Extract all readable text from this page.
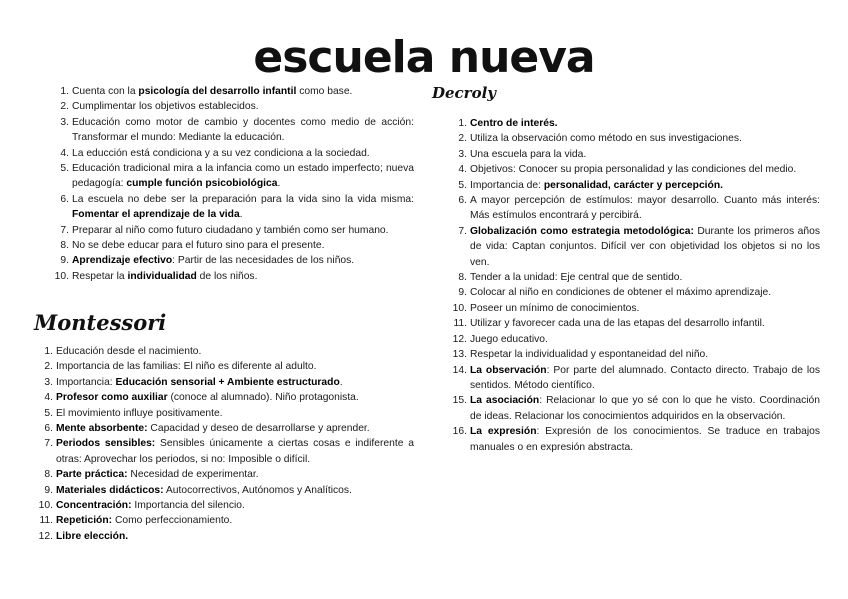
escuela nueva
1. Cuenta con la psicología del desarrollo infantil como base.
2. Cumplimentar los objetivos establecidos.
3. Educación como motor de cambio y docentes como medio de acción: Transformar el mundo: Mediante la educación.
4. La educción está condiciona y a su vez condiciona a la sociedad.
5. Educación tradicional mira a la infancia como un estado imperfecto; nueva pedagogía: cumple función psicobiológica.
6. La escuela no debe ser la preparación para la vida sino la vida misma: Fomentar el aprendizaje de la vida.
7. Preparar al niño como futuro ciudadano y también como ser humano.
8. No se debe educar para el futuro sino para el presente.
9. Aprendizaje efectivo: Partir de las necesidades de los niños.
10. Respetar la individualidad de los niños.
Montessori
1. Educación desde el nacimiento.
2. Importancia de las familias: El niño es diferente al adulto.
3. Importancia: Educación sensorial + Ambiente estructurado.
4. Profesor como auxiliar (conoce al alumnado). Niño protagonista.
5. El movimiento influye positivamente.
6. Mente absorbente: Capacidad y deseo de desarrollarse y aprender.
7. Periodos sensibles: Sensibles únicamente a ciertas cosas e indiferente a otras: Aprovechar los periodos, si no: Imposible o difícil.
8. Parte práctica: Necesidad de experimentar.
9. Materiales didácticos: Autocorrectivos, Autónomos y Analíticos.
10. Concentración: Importancia del silencio.
11. Repetición: Como perfeccionamiento.
12. Libre elección.
Decroly
1. Centro de interés.
2. Utiliza la observación como método en sus investigaciones.
3. Una escuela para la vida.
4. Objetivos: Conocer su propia personalidad y las condiciones del medio.
5. Importancia de: personalidad, carácter y percepción.
6. A mayor percepción de estímulos: mayor desarrollo. Cuanto más interés: Más estímulos encontrará y percibirá.
7. Globalización como estrategia metodológica: Durante los primeros años de vida: Captan conjuntos. Difícil ver con objetividad los objetos si no los ven.
8. Tender a la unidad: Eje central que de sentido.
9. Colocar al niño en condiciones de obtener el máximo aprendizaje.
10. Poseer un mínimo de conocimientos.
11. Utilizar y favorecer cada una de las etapas del desarrollo infantil.
12. Juego educativo.
13. Respetar la individualidad y espontaneidad del niño.
14. La observación: Por parte del alumnado. Contacto directo. Trabajo de los sentidos. Método científico.
15. La asociación: Relacionar lo que yo sé con lo que he visto. Coordinación de ideas. Relacionar los conocimientos adquiridos en la observación.
16. La expresión: Expresión de los conocimientos. Se traduce en trabajos manuales o en expresión abstracta.
